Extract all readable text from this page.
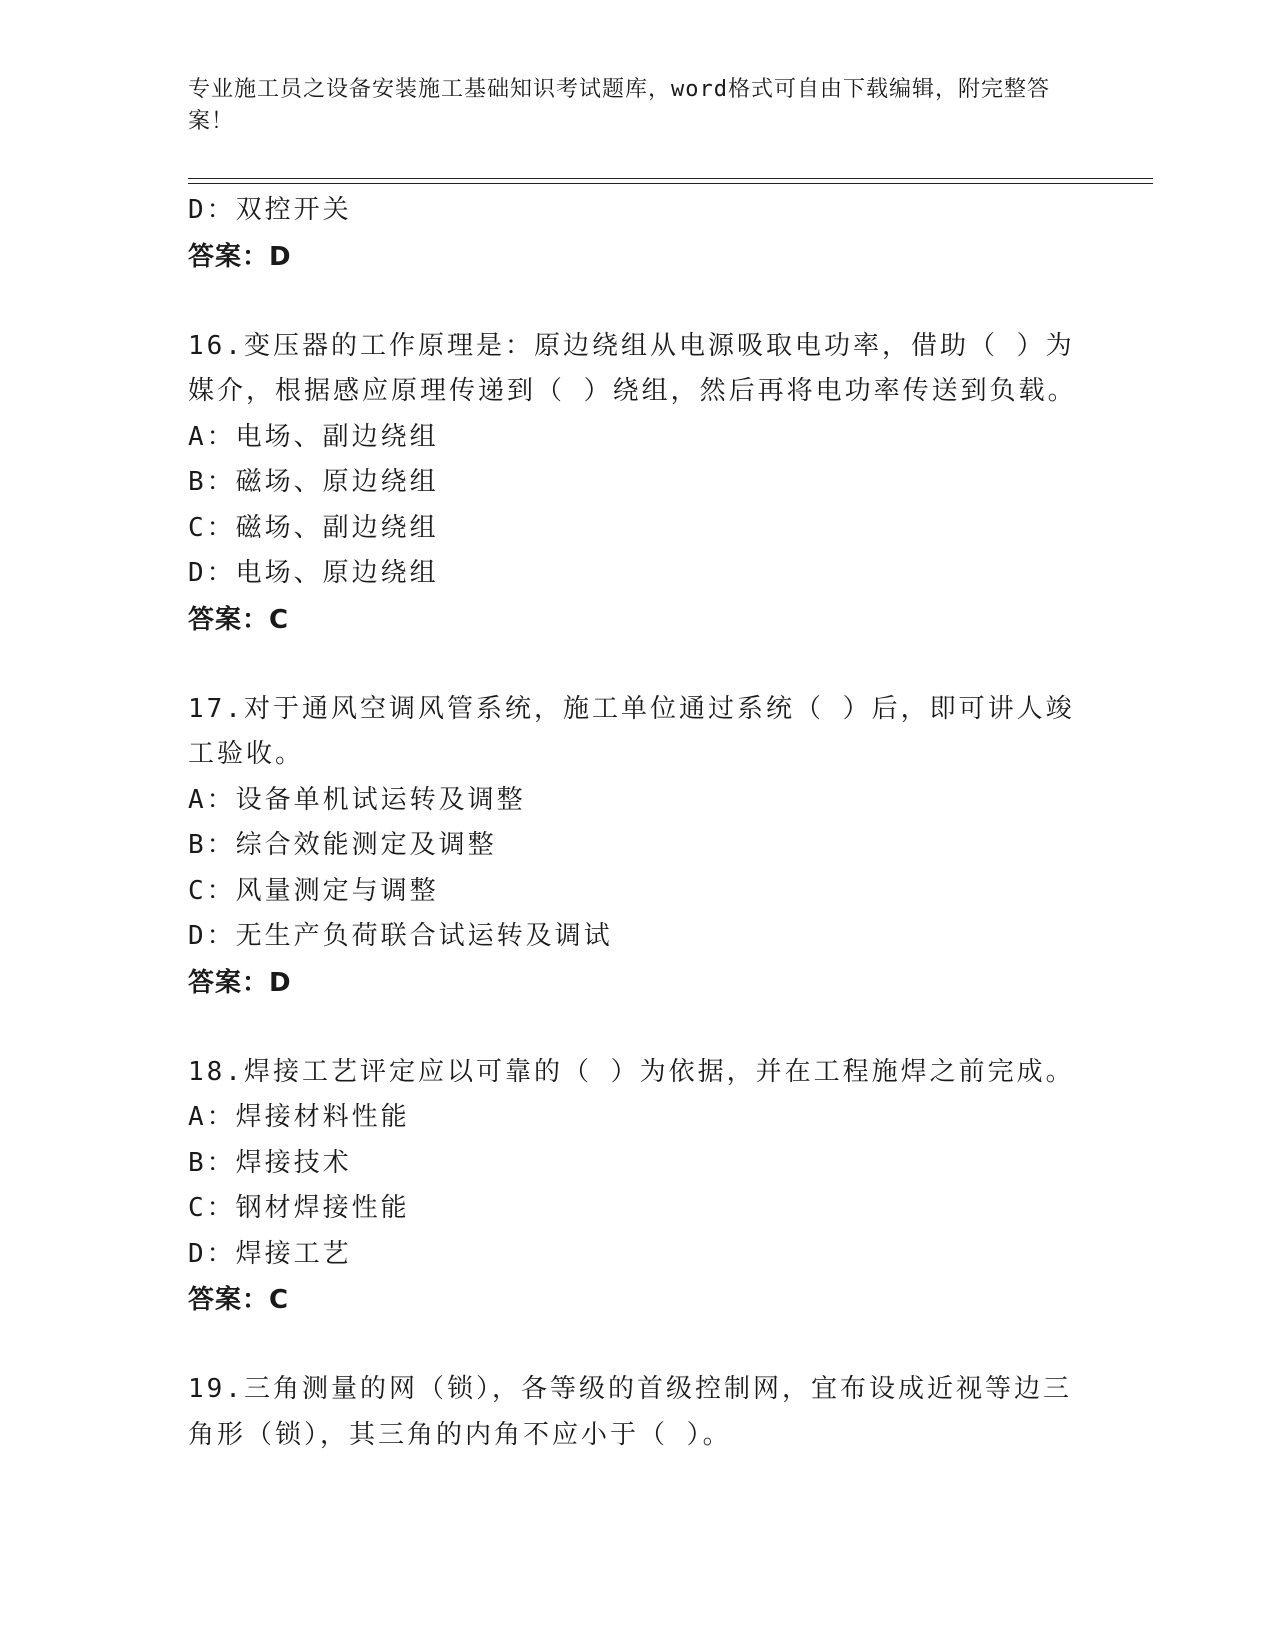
专业施工员之设备安装施工基础知识考试题库，word格式可自由下载编辑，附完整答案！
D：双控开关
答案：D
16.变压器的工作原理是：原边绕组从电源吸取电功率，借助（ ）为
媒介，根据感应原理传递到（ ）绕组，然后再将电功率传送到负载。
A：电场、副边绕组
B：磁场、原边绕组
C：磁场、副边绕组
D：电场、原边绕组
答案：C
17.对于通风空调风管系统，施工单位通过系统（ ）后，即可讲人竣
工验收。
A：设备单机试运转及调整
B：综合效能测定及调整
C：风量测定与调整
D：无生产负荷联合试运转及调试
答案：D
18.焊接工艺评定应以可靠的（ ）为依据，并在工程施焊之前完成。
A：焊接材料性能
B：焊接技术
C：钢材焊接性能
D：焊接工艺
答案：C
19.三角测量的网（锁），各等级的首级控制网，宜布设成近视等边三
角形（锁），其三角的内角不应小于（ ）。
